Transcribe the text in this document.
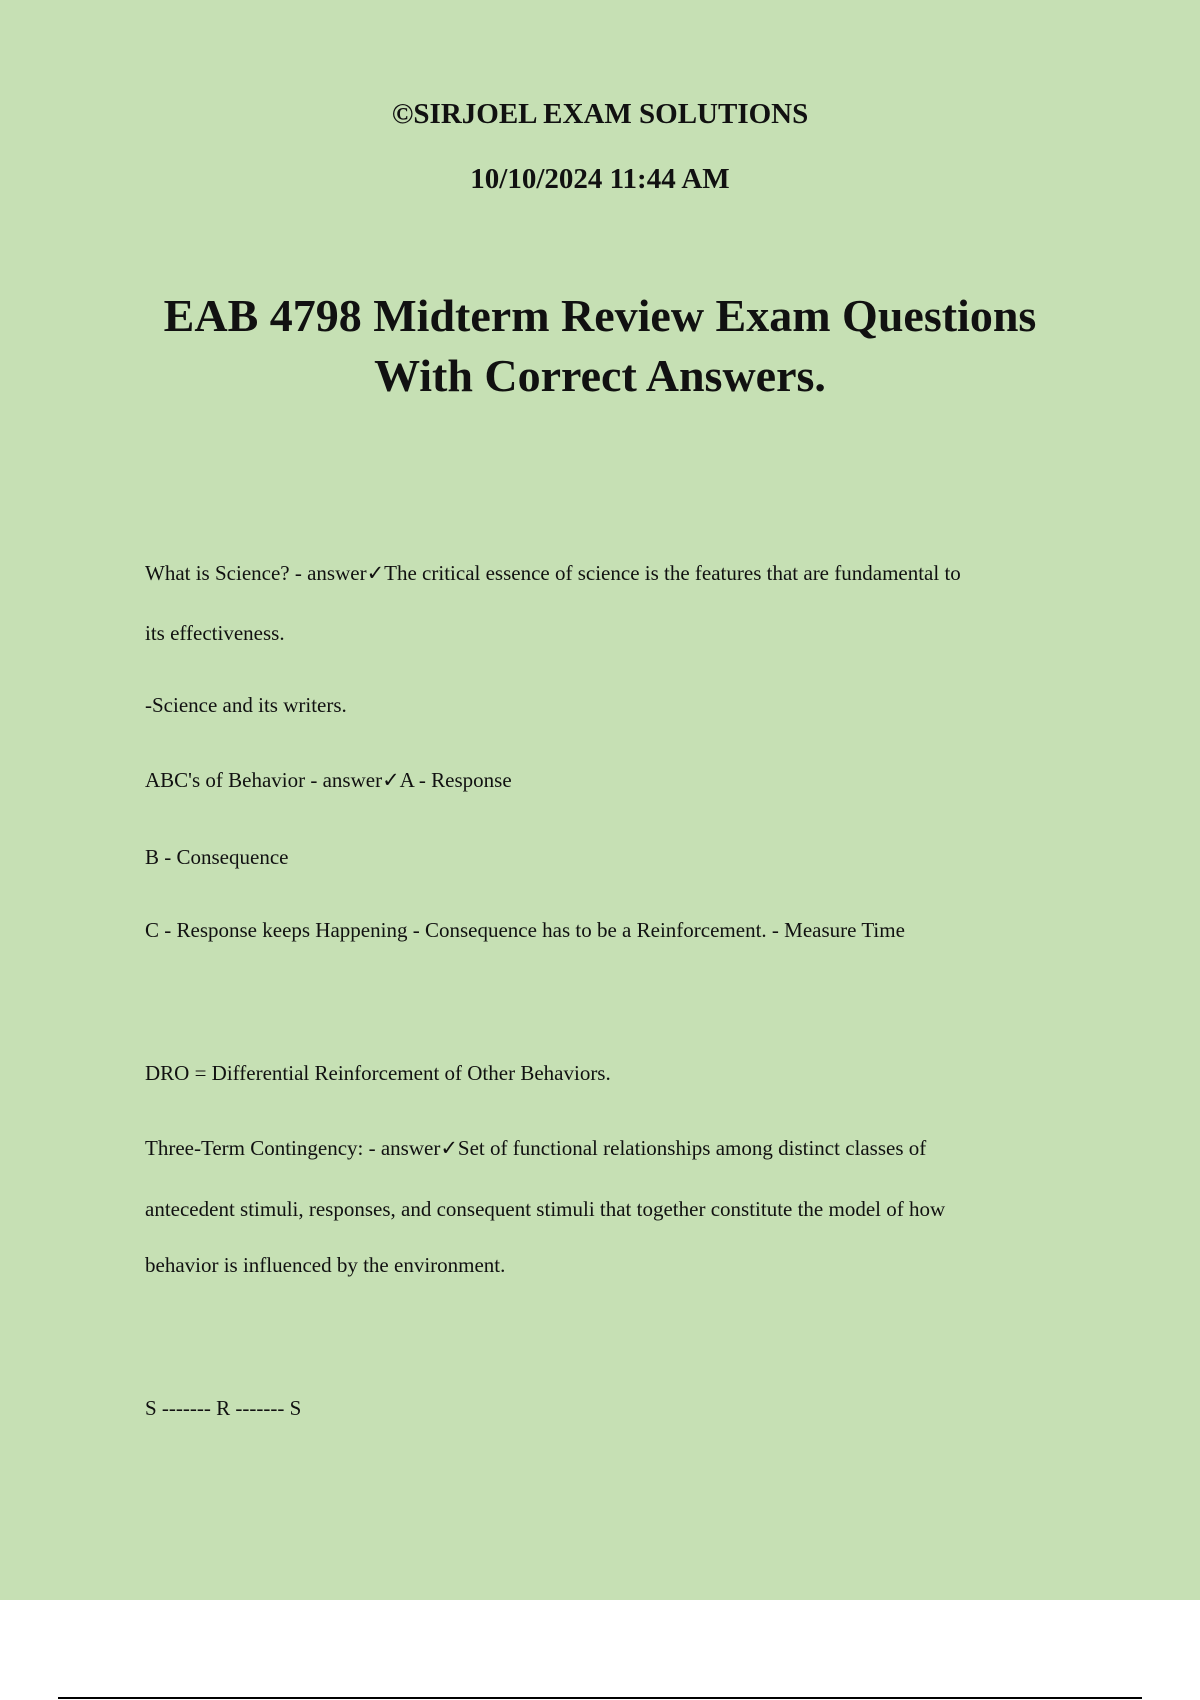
©SIRJOEL EXAM SOLUTIONS
10/10/2024 11:44 AM
EAB 4798 Midterm Review Exam Questions
With Correct Answers.
What is Science? - answer✓The critical essence of science is the features that are fundamental to
its effectiveness.
-Science and its writers.
ABC's of Behavior - answer✓A - Response
B - Consequence
C - Response keeps Happening - Consequence has to be a Reinforcement. - Measure Time
DRO = Differential Reinforcement of Other Behaviors.
Three-Term Contingency: - answer✓Set of functional relationships among distinct classes of
antecedent stimuli, responses, and consequent stimuli that together constitute the model of how
behavior is influenced by the environment.
S ------- R ------- S
